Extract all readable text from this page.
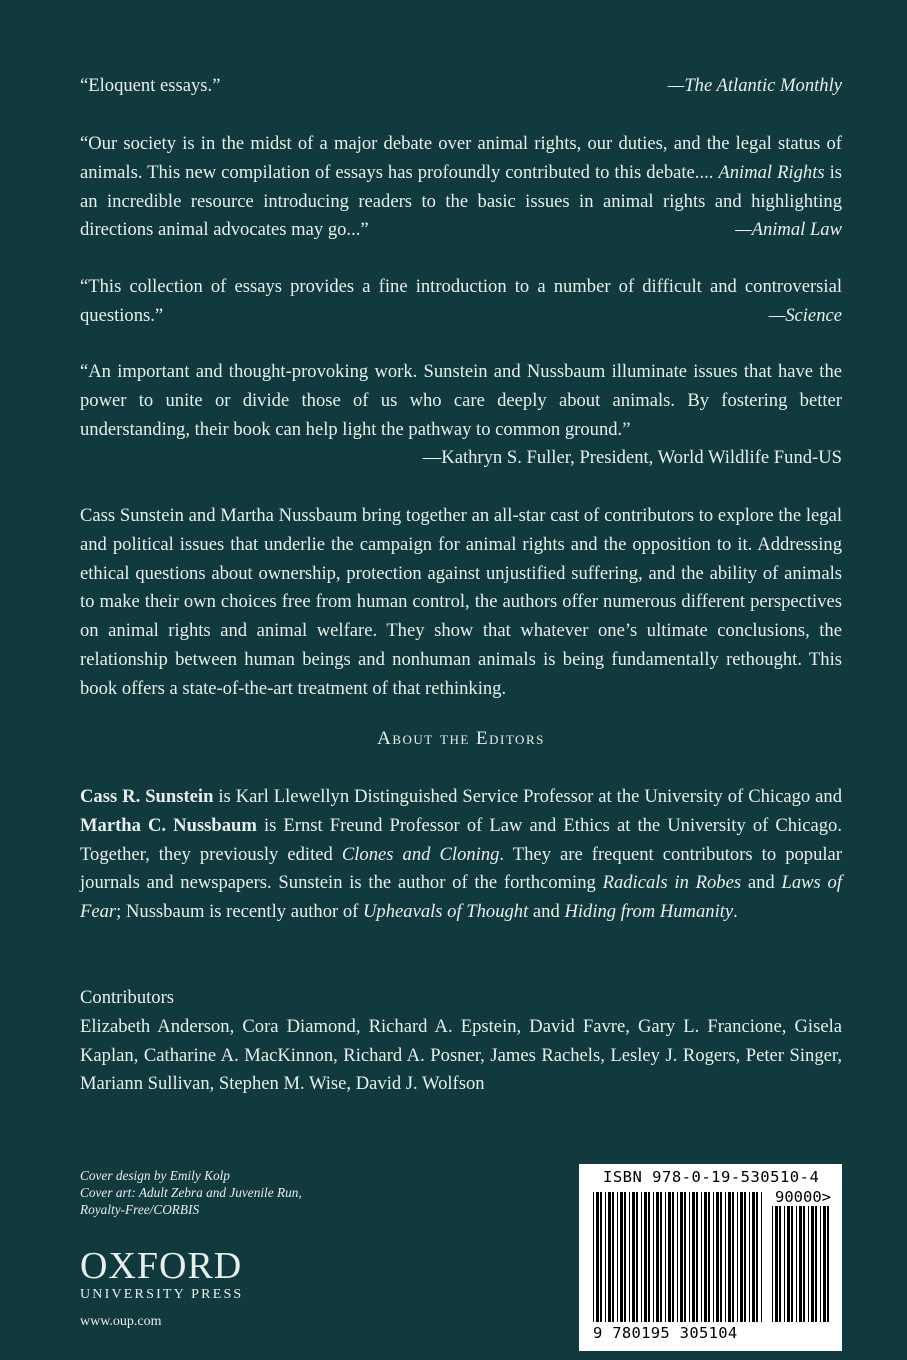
“Eloquent essays.”	—The Atlantic Monthly
“Our society is in the midst of a major debate over animal rights, our duties, and the legal status of animals. This new compilation of essays has profoundly contributed to this debate.... Animal Rights is an incredible resource introducing readers to the basic issues in animal rights and highlighting directions animal advocates may go...”	—Animal Law
“This collection of essays provides a fine introduction to a number of difficult and controversial questions.”	—Science

“An important and thought-provoking work. Sunstein and Nussbaum illuminate issues that have the power to unite or divide those of us who care deeply about animals. By fostering better understanding, their book can help light the pathway to common ground.”

—Kathryn S. Fuller, President, World Wildlife Fund-US

Cass Sunstein and Martha Nussbaum bring together an all-star cast of contributors to explore the legal and political issues that underlie the campaign for animal rights and the opposition to it. Addressing ethical questions about ownership, protection against unjustified suffering, and the ability of animals to make their own choices free from human control, the authors offer numerous different perspectives on animal rights and animal welfare. They show that whatever one’s ultimate conclusions, the relationship between human beings and nonhuman animals is being fundamentally rethought. This book offers a state-of-the-art treatment of that rethinking.

About the Editors

Cass R. Sunstein is Karl Llewellyn Distinguished Service Professor at the University of Chicago and Martha C. Nussbaum is Ernst Freund Professor of Law and Ethics at the University of Chicago. Together, they previously edited Clones and Cloning. They are frequent contributors to popular journals and newspapers. Sunstein is the author of the forthcoming Radicals in Robes and Laws of Fear; Nussbaum is recently author of Upheavals of Thought and Hiding from Humanity.

Contributors

Elizabeth Anderson, Cora Diamond, Richard A. Epstein, David Favre, Gary L. Francione, Gisela Kaplan, Catharine A. MacKinnon, Richard A. Posner, James Rachels, Lesley J. Rogers, Peter Singer, Mariann Sullivan, Stephen M. Wise, David J. Wolfson

Cover design by Emily Kolp
Cover art: Adult Zebra and Juvenile Run,
Royalty-Free/CORBIS
OXFORD
UNIVERSITY PRESS
www.oup.com
ISBN 978-0-19-530510-4
90000>
9 780195 305104
